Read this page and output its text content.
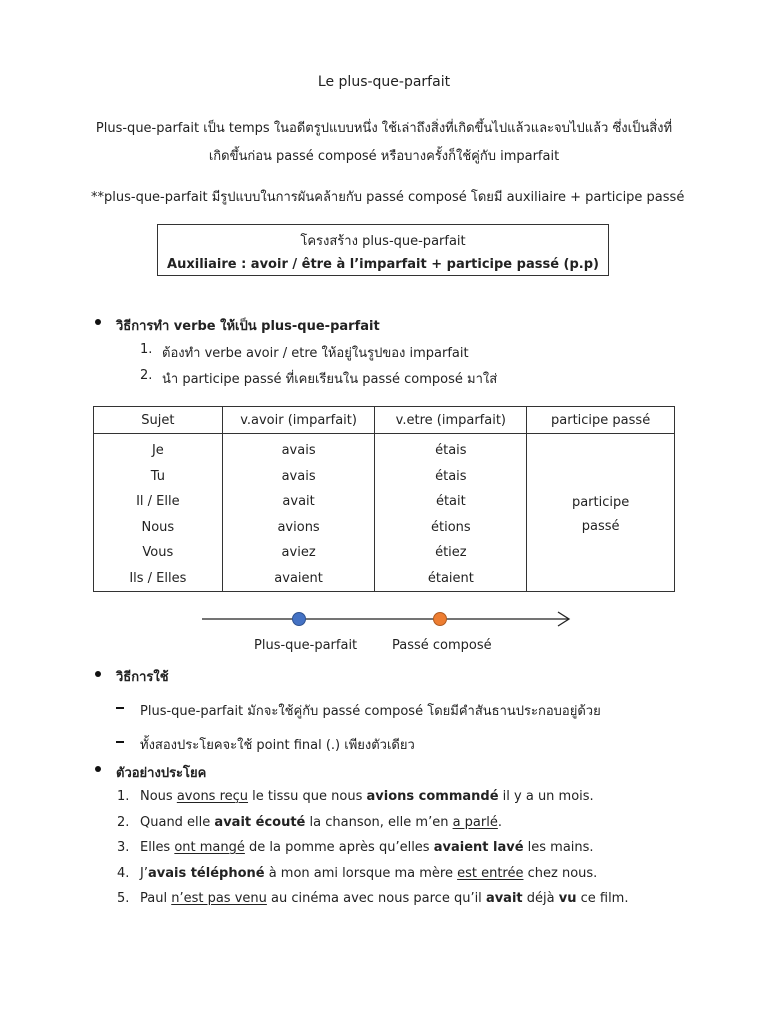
Le plus-que-parfait
Plus-que-parfait เป็น temps ในอดีตรูปแบบหนึ่ง ใช้เล่าถึงสิ่งที่เกิดขึ้นไปแล้วและจบไปแล้ว ซึ่งเป็นสิ่งที่
เกิดขึ้นก่อน passé composé หรือบางครั้งก็ใช้คู่กับ imparfait
**plus-que-parfait มีรูปแบบในการผันคล้ายกับ passé composé โดยมี auxiliaire + participe passé
โครงสร้าง plus-que-parfait
Auxiliaire : avoir / être à l’imparfait + participe passé (p.p)
วิธีการทำ verbe ให้เป็น plus-que-parfait
1. ต้องทำ verbe avoir / etre ให้อยู่ในรูปของ imparfait
2. นำ participe passé ที่เคยเรียนใน passé composé มาใส่
Sujet	v.avoir (imparfait)	v.etre (imparfait)	participe passé
Je	avais	étais	participe
passé

Tu	avais	étais	
Il / Elle	avait	était	
Nous	avions	étions	
Vous	aviez	étiez	
Ils / Elles	avaient	étaient	
Plus-que-parfait	Passé composé
วิธีการใช้
Plus-que-parfait มักจะใช้คู่กับ passé composé โดยมีคำสันธานประกอบอยู่ด้วย
ทั้งสองประโยคจะใช้ point final (.) เพียงตัวเดียว
ตัวอย่างประโยค
1. Nous avons reçu le tissu que nous avions commandé il y a un mois.
2. Quand elle avait écouté la chanson, elle m’en a parlé.
3. Elles ont mangé de la pomme après qu’elles avaient lavé les mains.
4. J’avais téléphoné à mon ami lorsque ma mère est entrée chez nous.
5. Paul n’est pas venu au cinéma avec nous parce qu’il avait déjà vu ce film.
